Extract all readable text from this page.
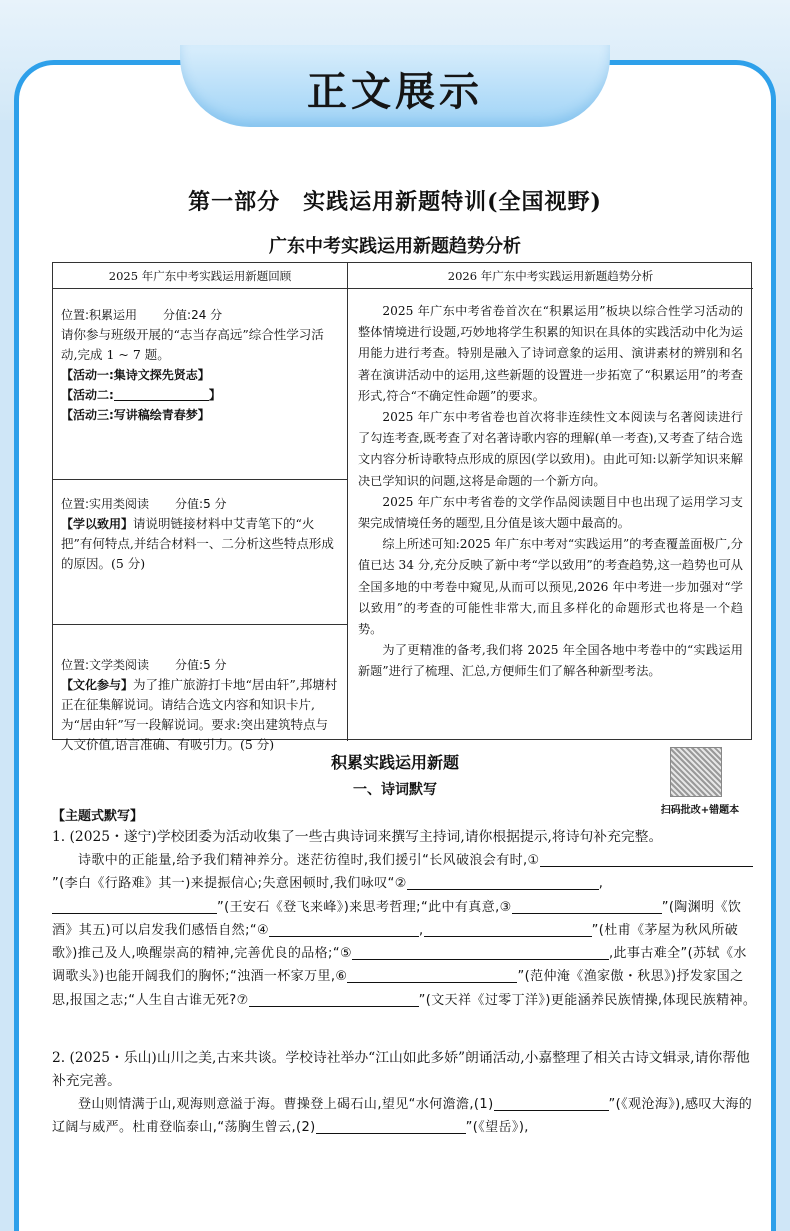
正文展示
第一部分　实践运用新题特训(全国视野)
广东中考实践运用新题趋势分析
2025 年广东中考实践运用新题回顾	2026 年广东中考实践运用新题趋势分析
位置:积累运用 分值:24 分
请你参与班级开展的“志当存高远”综合性学习活动,完成 1 ~ 7 题。
【活动一:集诗文探先贤志】
【活动二:	】
【活动三:写讲稿绘青春梦】
位置:实用类阅读 分值:5 分
【学以致用】请说明链接材料中艾青笔下的“火把”有何特点,并结合材料一、二分析这些特点形成的原因。(5 分)
位置:文学类阅读 分值:5 分
【文化参与】为了推广旅游打卡地“居由轩”,邦塘村正在征集解说词。请结合选文内容和知识卡片,为“居由轩”写一段解说词。要求:突出建筑特点与人文价值,语言准确、有吸引力。(5 分)

2025 年广东中考省卷首次在“积累运用”板块以综合性学习活动的整体情境进行设题,巧妙地将学生积累的知识在具体的实践活动中化为运用能力进行考查。特别是融入了诗词意象的运用、演讲素材的辨别和名著在演讲活动中的运用,这些新题的设置进一步拓宽了“积累运用”的考查形式,符合“不确定性命题”的要求。

2025 年广东中考省卷也首次将非连续性文本阅读与名著阅读进行了勾连考查,既考查了对名著诗歌内容的理解(单一考查),又考查了结合选文内容分析诗歌特点形成的原因(学以致用)。由此可知:以新学知识来解决已学知识的问题,这将是命题的一个新方向。

2025 年广东中考省卷的文学作品阅读题目中也出现了运用学习支架完成情境任务的题型,且分值是该大题中最高的。

综上所述可知:2025 年广东中考对“实践运用”的考查覆盖面极广,分值已达 34 分,充分反映了新中考“学以致用”的考查趋势,这一趋势也可从全国多地的中考卷中窥见,从而可以预见,2026 年中考进一步加强对“学以致用”的考查的可能性非常大,而且多样化的命题形式也将是一个趋势。

为了更精准的备考,我们将 2025 年全国各地中考卷中的“实践运用新题”进行了梳理、汇总,方便师生们了解各种新型考法。

积累实践运用新题
一、诗词默写
扫码批改+错题本
【主题式默写】
1. (2025・遂宁)学校团委为活动收集了一些古典诗词来撰写主持词,请你根据提示,将诗句补充完整。
诗歌中的正能量,给予我们精神养分。迷茫彷徨时,我们援引“长风破浪会有时,①”(李白《行路难》其一)来提振信心;失意困顿时,我们咏叹“②	,”(王安石《登飞来峰》)来思考哲理;“此中有真意,③	”(陶渊明《饮酒》其五)可以启发我们感悟自然;“④	,	”(杜甫《茅屋为秋风所破歌》)推己及人,唤醒崇高的精神,完善优良的品格;“⑤	,此事古难全”(苏轼《水调歌头》)也能开阔我们的胸怀;“浊酒一杯家万里,⑥	”(范仲淹《渔家傲・秋思》)抒发家国之思,报国之志;“人生自古谁无死?⑦	”(文天祥《过零丁洋》)更能涵养民族情操,体现民族精神。
2. (2025・乐山)山川之美,古来共谈。学校诗社举办“江山如此多娇”朗诵活动,小嘉整理了相关古诗文辑录,请你帮他补充完善。
登山则情满于山,观海则意溢于海。曹操登上碣石山,望见“水何澹澹,(1)	”(《观沧海》),感叹大海的辽阔与威严。杜甫登临泰山,“荡胸生曾云,(2)	”(《望岳》),
